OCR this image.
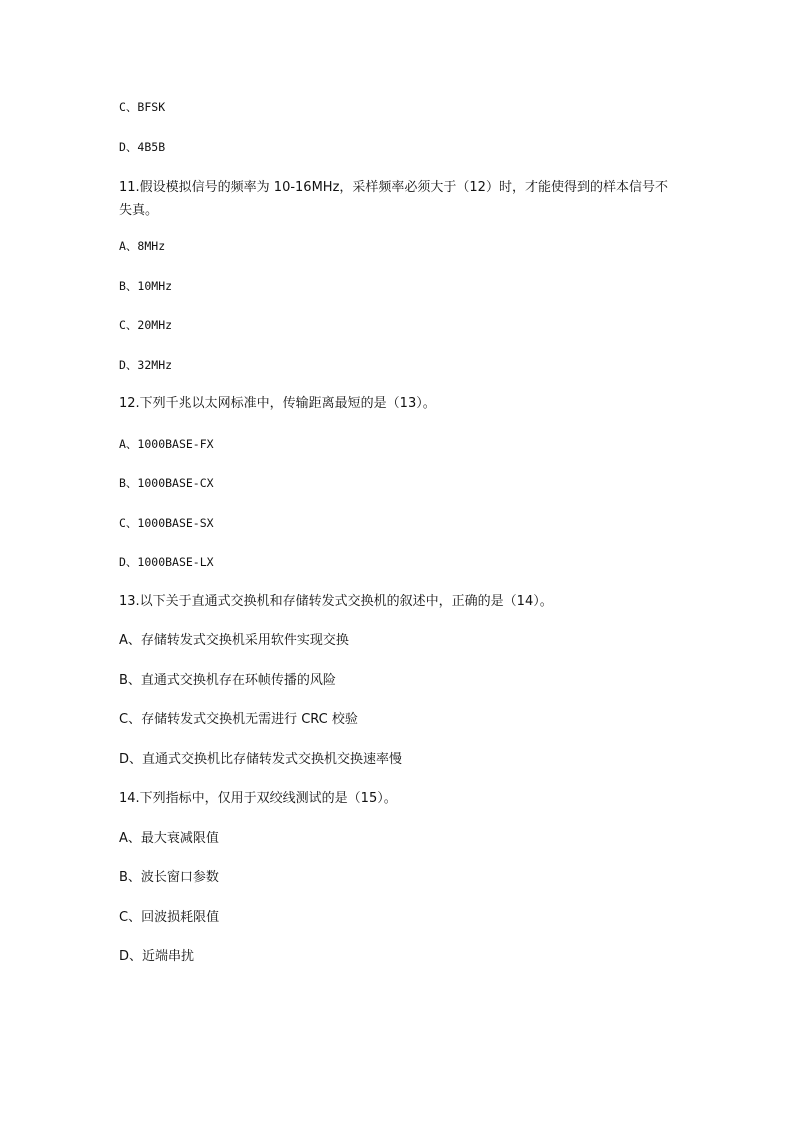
C、BFSK
D、4B5B
11.假设模拟信号的频率为 10-16MHz，采样频率必须大于（12）时，才能使得到的样本信号不失真。
A、8MHz
B、10MHz
C、20MHz
D、32MHz
12.下列千兆以太网标准中，传输距离最短的是（13）。
A、1000BASE-FX
B、1000BASE-CX
C、1000BASE-SX
D、1000BASE-LX
13.以下关于直通式交换机和存储转发式交换机的叙述中，正确的是（14）。
A、存储转发式交换机采用软件实现交换
B、直通式交换机存在环帧传播的风险
C、存储转发式交换机无需进行 CRC 校验
D、直通式交换机比存储转发式交换机交换速率慢
14.下列指标中，仅用于双绞线测试的是（15）。
A、最大衰减限值
B、波长窗口参数
C、回波损耗限值
D、近端串扰
